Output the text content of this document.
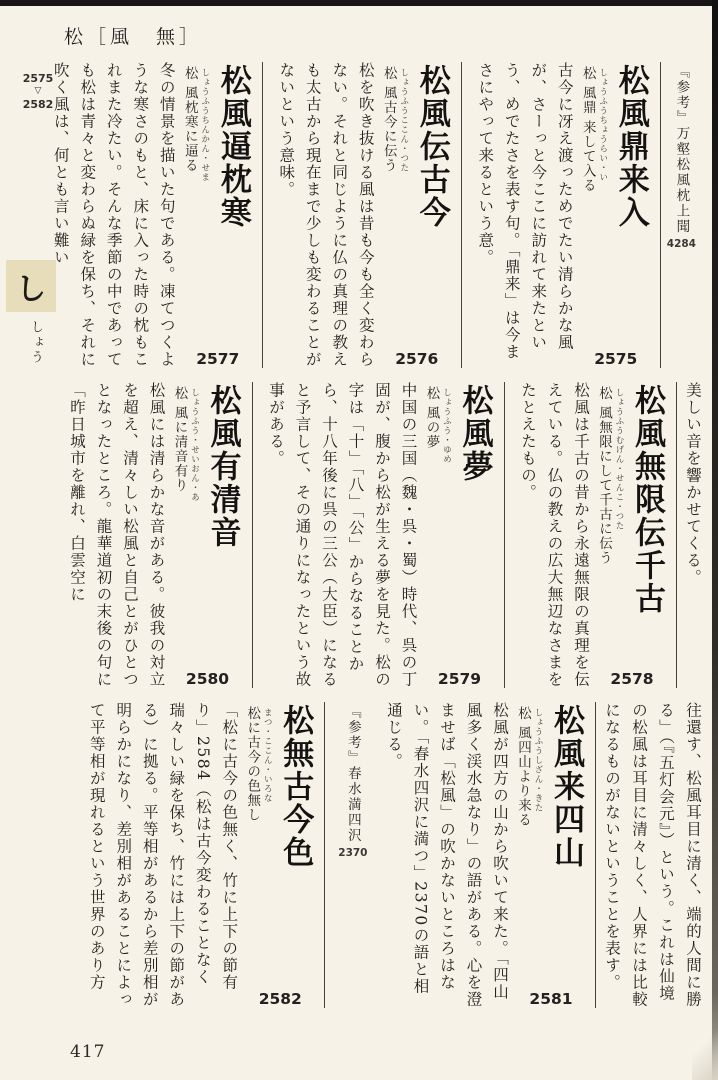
松［風　無］
2575
▽
2582
し
しょう
417
『参考』万壑松風枕上聞
4284
松風鼎来入
しょうふうちょうらい・い
松 風鼎 来して入る
2575
古今に冴え渡っためでたい清らかな風が、さーっと今ここに訪れて来たという、めでたさを表す句。「鼎来」は今まさにやって来るという意。
松風伝古今
しょうふうここん・つた
松 風古今に伝う
2576
松を吹き抜ける風は昔も今も全く変わらない。それと同じように仏の真理の教えも太古から現在まで少しも変わることがないという意味。
松風逼枕寒
しょうふうちんかん・せま
松 風枕寒に逼る
2577
冬の情景を描いた句である。凍てつくような寒さのもと、床に入った時の枕もこれまた冷たい。そんな季節の中であっても松は青々と変わらぬ緑を保ち、それに吹く風は、何とも言い難い
美しい音を響かせてくる。
松風無限伝千古
しょうふうむげん・せんこ・つた
松 風無限にして千古に伝う
2578
松風は千古の昔から永遠無限の真理を伝えている。仏の教えの広大無辺なさまをたとえたもの。
松風夢
しょうふう・ゆめ
松 風の夢
2579
中国の三国（魏・呉・蜀）時代、呉の丁固が、腹から松が生える夢を見た。松の字は「十」「八」「公」からなることから、十八年後に呉の三公（大臣）になると予言して、その通りになったという故事がある。
松風有清音
しょうふう・せいおん・あ
松 風に清音有り
2580
松風には清らかな音がある。彼我の対立を超え、清々しい松風と自己とがひとつとなったところ。龍華道初の末後の句に「昨日城市を離れ、白雲空に
往還す、松風耳目に清く、端的人間に勝る」（『五灯会元』）という。これは仙境の松風は耳目に清々しく、人界には比較になるものがないということを表す。
松風来四山
しょうふうしざん・きた
松 風四山より来る
2581
松風が四方の山から吹いて来た。「四山風多く渓水急なり」の語がある。心を澄ませば「松風」の吹かないところはない。「春水四沢に満つ」2370の語と相通じる。
『参考』春水満四沢
2370
松無古今色
まつ・ここん・いろな
松に古今の色無し
2582
「松に古今の色無く、竹に上下の節有り」2584（松は古今変わることなく瑞々しい緑を保ち、竹には上下の節がある）に拠る。平等相があるから差別相が明らかになり、差別相があることによって平等相が現れるという世界のあり方
